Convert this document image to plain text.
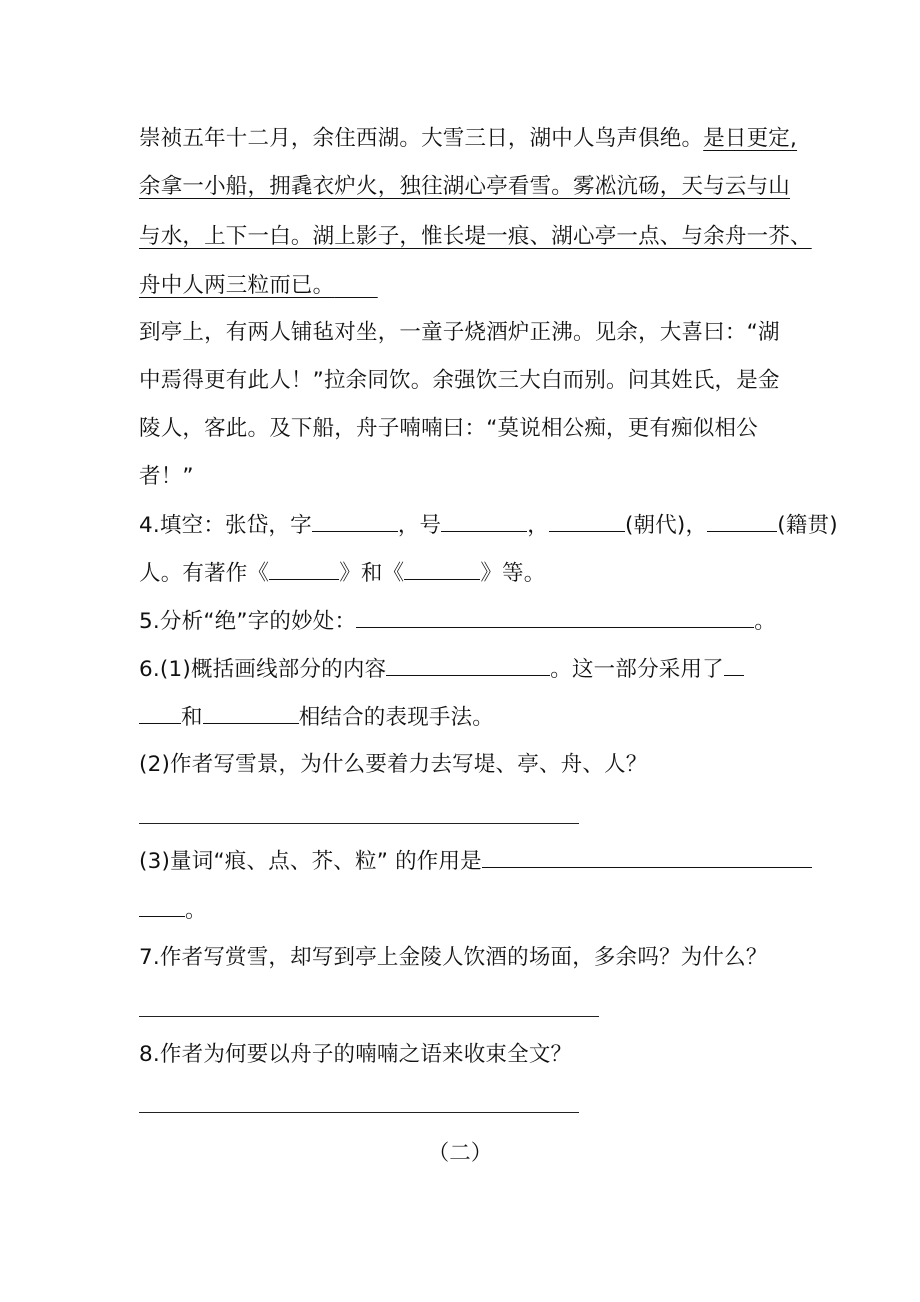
崇祯五年十二月，余住西湖。大雪三日，湖中人鸟声俱绝。是日更定,
余拿一小船，拥毳衣炉火，独往湖心亭看雪。雾凇沆砀，天与云与山
与水，上下一白。湖上影子，惟长堤一痕、湖心亭一点、与余舟一芥、
舟中人两三粒而已。  
到亭上，有两人铺毡对坐，一童子烧酒炉正沸。见余，大喜曰：“湖
中焉得更有此人！”拉余同饮。余强饮三大白而别。问其姓氏，是金
陵人，客此。及下船，舟子喃喃曰：“莫说相公痴，更有痴似相公
者！”
4.填空：张岱，字	，号	，	(朝代)，	(籍贯)
人。有著作《	》和《	》等。
5.分析“绝”字的妙处：	。
6.(1)概括画线部分的内容	。这一部分采用了
和	相结合的表现手法。
(2)作者写雪景，为什么要着力去写堤、亭、舟、人？
(3)量词“痕、点、芥、粒” 的作用是
。
7.作者写赏雪，却写到亭上金陵人饮酒的场面，多余吗？为什么？
8.作者为何要以舟子的喃喃之语来收束全文？
（二）
